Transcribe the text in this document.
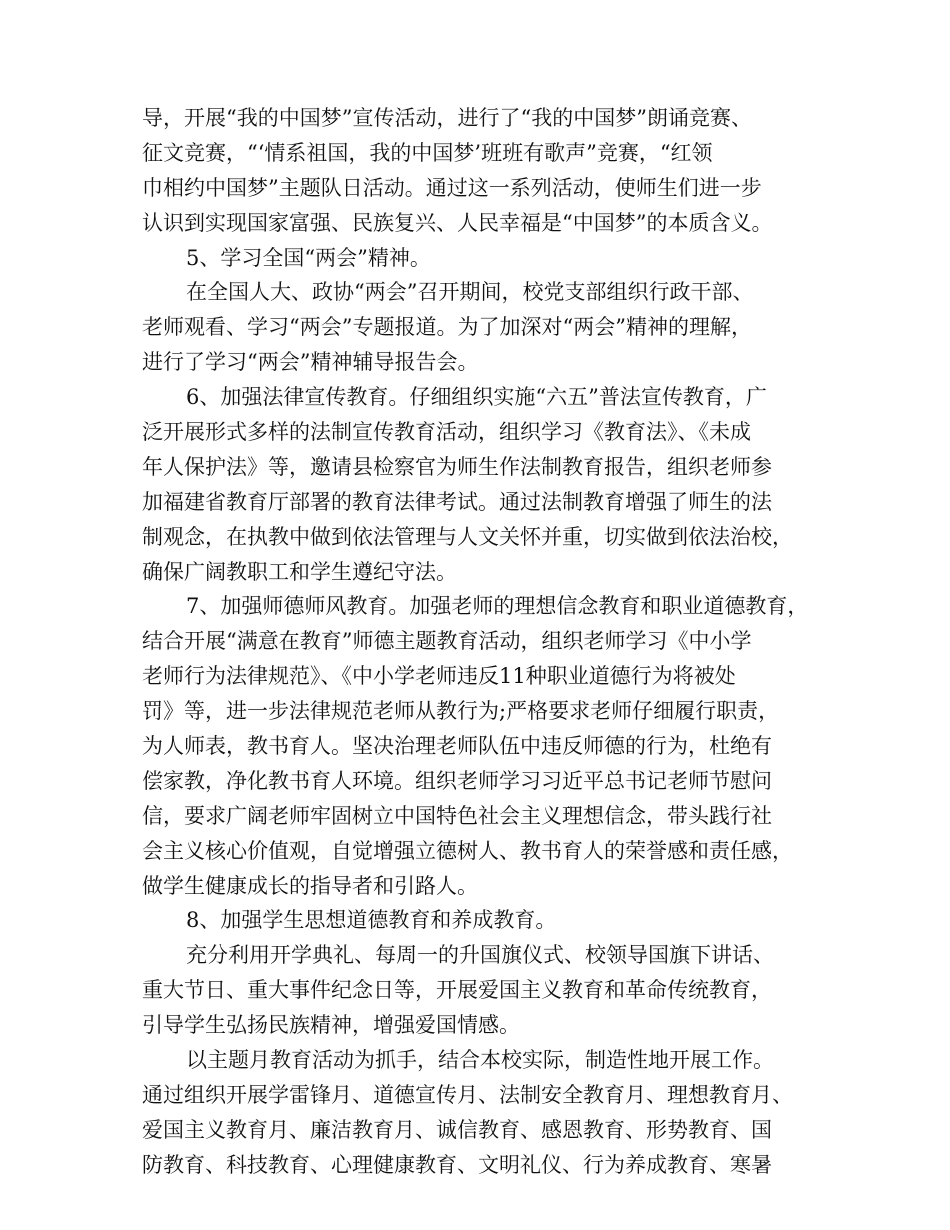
导，开展“我的中国梦”宣传活动，进行了“我的中国梦”朗诵竞赛、
征文竞赛，“‘情系祖国，我的中国梦’班班有歌声”竞赛，“红领
巾相约中国梦”主题队日活动。通过这一系列活动，使师生们进一步
认识到实现国家富强、民族复兴、人民幸福是“中国梦”的本质含义。
5、学习全国“两会”精神。
在全国人大、政协“两会”召开期间，校党支部组织行政干部、
老师观看、学习“两会”专题报道。为了加深对“两会”精神的理解，
进行了学习“两会”精神辅导报告会。
6、加强法律宣传教育。仔细组织实施“六五”普法宣传教育，广
泛开展形式多样的法制宣传教育活动，组织学习《教育法》、《未成
年人保护法》等，邀请县检察官为师生作法制教育报告，组织老师参
加福建省教育厅部署的教育法律考试。通过法制教育增强了师生的法
制观念，在执教中做到依法管理与人文关怀并重，切实做到依法治校，
确保广阔教职工和学生遵纪守法。
7、加强师德师风教育。加强老师的理想信念教育和职业道德教育，
结合开展“满意在教育”师德主题教育活动，组织老师学习《中小学
老师行为法律规范》、《中小学老师违反11种职业道德行为将被处
罚》等，进一步法律规范老师从教行为;严格要求老师仔细履行职责，
为人师表，教书育人。坚决治理老师队伍中违反师德的行为，杜绝有
偿家教，净化教书育人环境。组织老师学习习近平总书记老师节慰问
信，要求广阔老师牢固树立中国特色社会主义理想信念，带头践行社
会主义核心价值观，自觉增强立德树人、教书育人的荣誉感和责任感，
做学生健康成长的指导者和引路人。
8、加强学生思想道德教育和养成教育。
充分利用开学典礼、每周一的升国旗仪式、校领导国旗下讲话、
重大节日、重大事件纪念日等，开展爱国主义教育和革命传统教育，
引导学生弘扬民族精神，增强爱国情感。
以主题月教育活动为抓手，结合本校实际，制造性地开展工作。
通过组织开展学雷锋月、道德宣传月、法制安全教育月、理想教育月、
爱国主义教育月、廉洁教育月、诚信教育、感恩教育、形势教育、国
防教育、科技教育、心理健康教育、文明礼仪、行为养成教育、寒暑
